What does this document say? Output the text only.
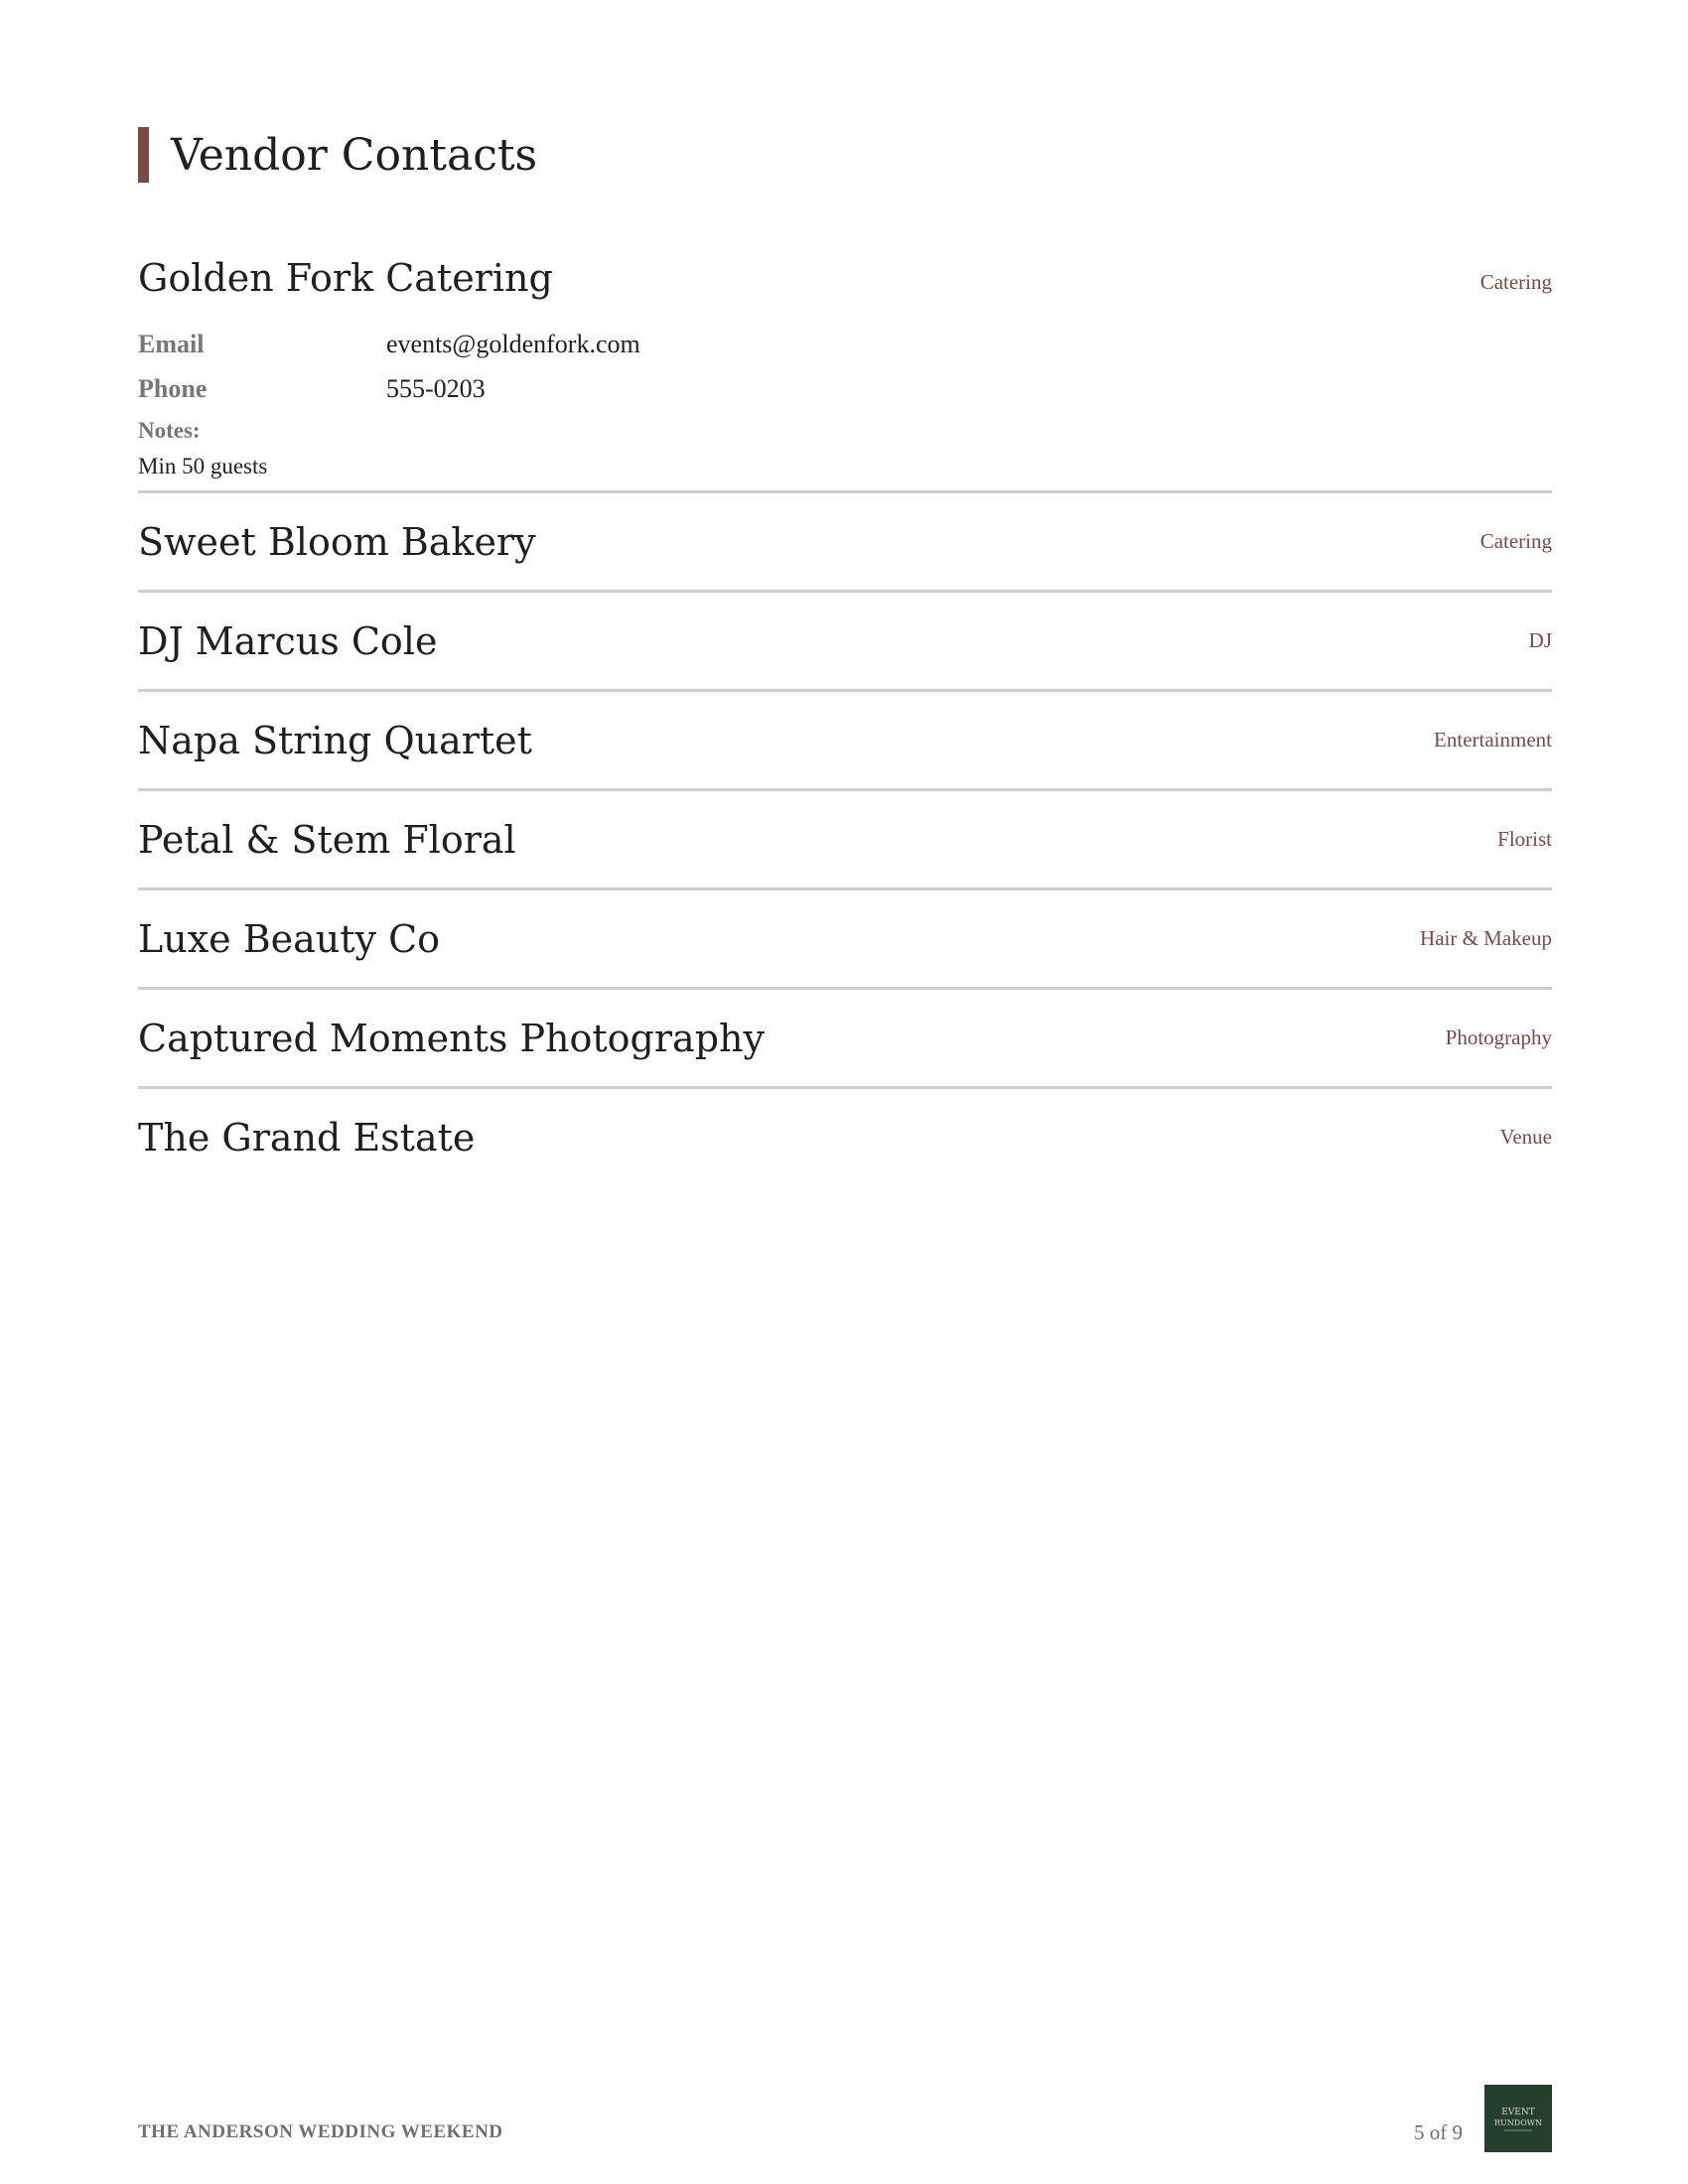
Vendor Contacts
Golden Fork Catering	Catering
Email	events@goldenfork.com
Phone	555-0203
Notes:
Min 50 guests
Sweet Bloom Bakery	Catering
DJ Marcus Cole	DJ
Napa String Quartet	Entertainment
Petal & Stem Floral	Florist
Luxe Beauty Co	Hair & Makeup
Captured Moments Photography	Photography
The Grand Estate	Venue
THE ANDERSON WEDDING WEEKEND	5 of 9
EVENT
RUNDOWN
